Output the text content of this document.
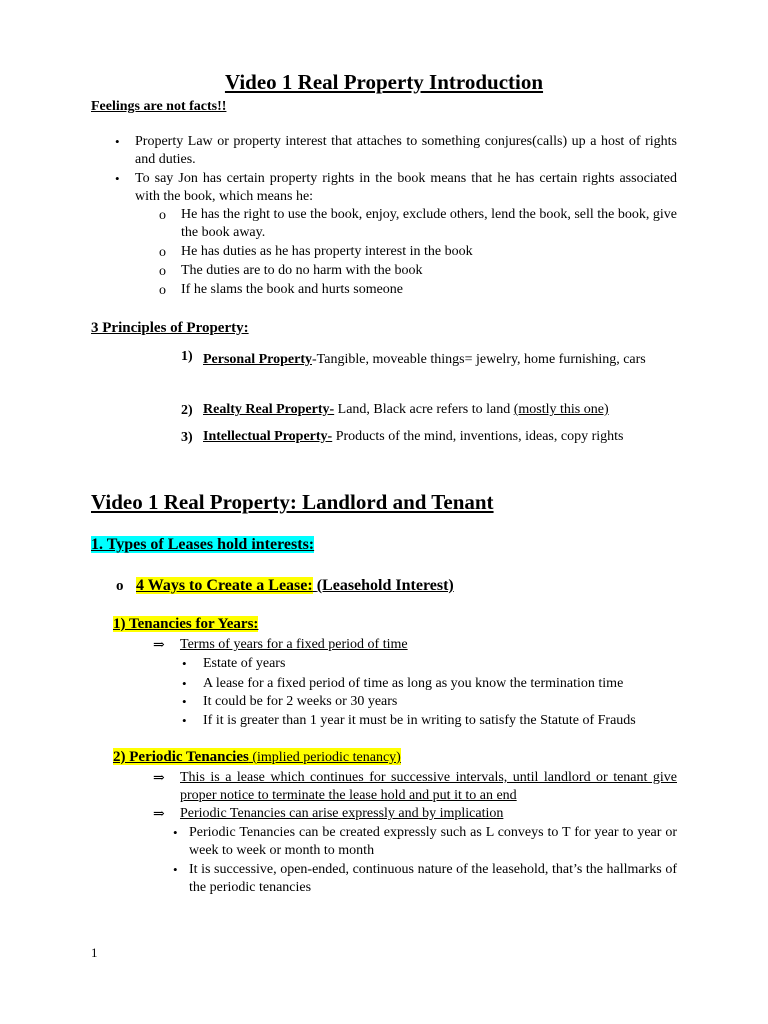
Video 1 Real Property Introduction
Feelings are not facts!!
• Property Law or property interest that attaches to something conjures(calls) up a host of rights and duties.
• To say Jon has certain property rights in the book means that he has certain rights associated with the book, which means he:
o He has the right to use the book, enjoy, exclude others, lend the book, sell the book, give the book away.
o He has duties as he has property interest in the book
o The duties are to do no harm with the book
o If he slams the book and hurts someone
3 Principles of Property:
1) Personal Property-Tangible, moveable things= jewelry, home furnishing, cars
2) Realty Real Property- Land, Black acre refers to land (mostly this one)
3) Intellectual Property- Products of the mind, inventions, ideas, copy rights
Video 1 Real Property: Landlord and Tenant
1. Types of Leases hold interests:
o 4 Ways to Create a Lease: (Leasehold Interest)
1) Tenancies for Years:
⇒ Terms of years for a fixed period of time
• Estate of years
• A lease for a fixed period of time as long as you know the termination time
• It could be for 2 weeks or 30 years
• If it is greater than 1 year it must be in writing to satisfy the Statute of Frauds
2) Periodic Tenancies (implied periodic tenancy)
⇒ This is a lease which continues for successive intervals, until landlord or tenant give proper notice to terminate the lease hold and put it to an end
⇒ Periodic Tenancies can arise expressly and by implication
• Periodic Tenancies can be created expressly such as L conveys to T for year to year or week to week or month to month
• It is successive, open-ended, continuous nature of the leasehold, that’s the hallmarks of the periodic tenancies
1
